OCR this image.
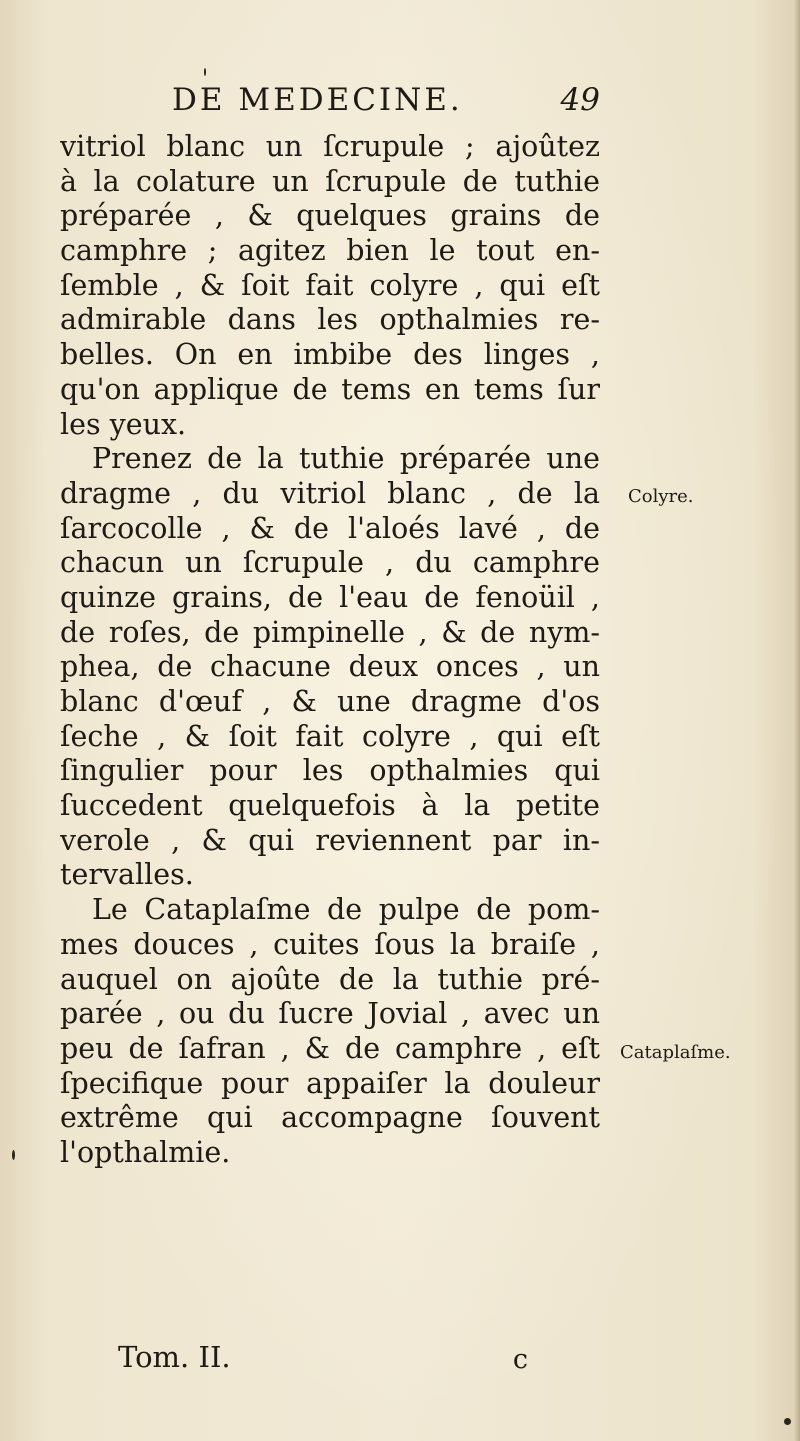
DE MEDECINE.	49
vitriol blanc un ſcrupule ; ajoûtez
à la colature un ſcrupule de tuthie
préparée , & quelques grains de
camphre ; agitez bien le tout en-
ſemble , & ſoit fait colyre , qui eſt
admirable dans les opthalmies re-
belles. On en imbibe des linges ,
qu'on applique de tems en tems ſur
les yeux.
Prenez de la tuthie préparée une
dragme , du vitriol blanc , de la
ſarcocolle , & de l'aloés lavé , de
chacun un ſcrupule , du camphre
quinze grains, de l'eau de fenoüil ,
de roſes, de pimpinelle , & de nym-
phea, de chacune deux onces , un
blanc d'œuf , & une dragme d'os
ſeche , & ſoit fait colyre , qui eſt
ſingulier pour les opthalmies qui
ſuccedent quelquefois à la petite
verole , & qui reviennent par in-
tervalles.
Le Cataplaſme de pulpe de pom-
mes douces , cuites ſous la braiſe ,
auquel on ajoûte de la tuthie pré-
parée , ou du ſucre Jovial , avec un
peu de ſafran , & de camphre , eſt
ſpecifique pour appaiſer la douleur
extrême qui accompagne ſouvent
l'opthalmie.
Colyre.
Cataplaſme.
Tom. II.	c
